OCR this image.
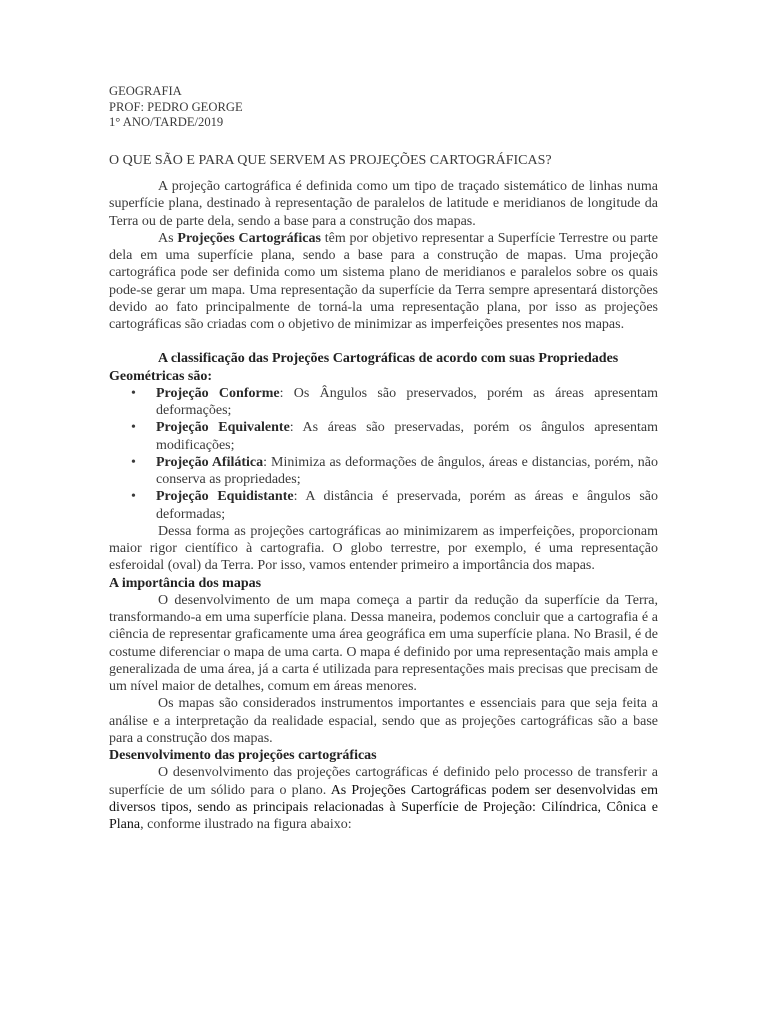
GEOGRAFIA
PROF: PEDRO GEORGE
1° ANO/TARDE/2019
O QUE SÃO E PARA QUE SERVEM AS PROJEÇÕES CARTOGRÁFICAS?

A projeção cartográfica é definida como um tipo de traçado sistemático de linhas numa superfície plana, destinado à representação de paralelos de latitude e meridianos de longitude da Terra ou de parte dela, sendo a base para a construção dos mapas.

As Projeções Cartográficas têm por objetivo representar a Superfície Terrestre ou parte dela em uma superfície plana, sendo a base para a construção de mapas. Uma projeção cartográfica pode ser definida como um sistema plano de meridianos e paralelos sobre os quais pode-se gerar um mapa. Uma representação da superfície da Terra sempre apresentará distorções devido ao fato principalmente de torná-la uma representação plana, por isso as projeções cartográficas são criadas com o objetivo de minimizar as imperfeições presentes nos mapas.

A classificação das Projeções Cartográficas de acordo com suas Propriedades Geométricas são:
• Projeção Conforme: Os Ângulos são preservados, porém as áreas apresentam deformações;
• Projeção Equivalente: As áreas são preservadas, porém os ângulos apresentam modificações;
• Projeção Afilática: Minimiza as deformações de ângulos, áreas e distancias, porém, não conserva as propriedades;
• Projeção Equidistante: A distância é preservada, porém as áreas e ângulos são deformadas;

Dessa forma as projeções cartográficas ao minimizarem as imperfeições, proporcionam maior rigor científico à cartografia. O globo terrestre, por exemplo, é uma representação esferoidal (oval) da Terra. Por isso, vamos entender primeiro a importância dos mapas.

A importância dos mapas

O desenvolvimento de um mapa começa a partir da redução da superfície da Terra, transformando-a em uma superfície plana. Dessa maneira, podemos concluir que a cartografia é a ciência de representar graficamente uma área geográfica em uma superfície plana. No Brasil, é de costume diferenciar o mapa de uma carta. O mapa é definido por uma representação mais ampla e generalizada de uma área, já a carta é utilizada para representações mais precisas que precisam de um nível maior de detalhes, comum em áreas menores.

Os mapas são considerados instrumentos importantes e essenciais para que seja feita a análise e a interpretação da realidade espacial, sendo que as projeções cartográficas são a base para a construção dos mapas.

Desenvolvimento das projeções cartográficas

O desenvolvimento das projeções cartográficas é definido pelo processo de transferir a superfície de um sólido para o plano. As Projeções Cartográficas podem ser desenvolvidas em diversos tipos, sendo as principais relacionadas à Superfície de Projeção: Cilíndrica, Cônica e Plana, conforme ilustrado na figura abaixo:
